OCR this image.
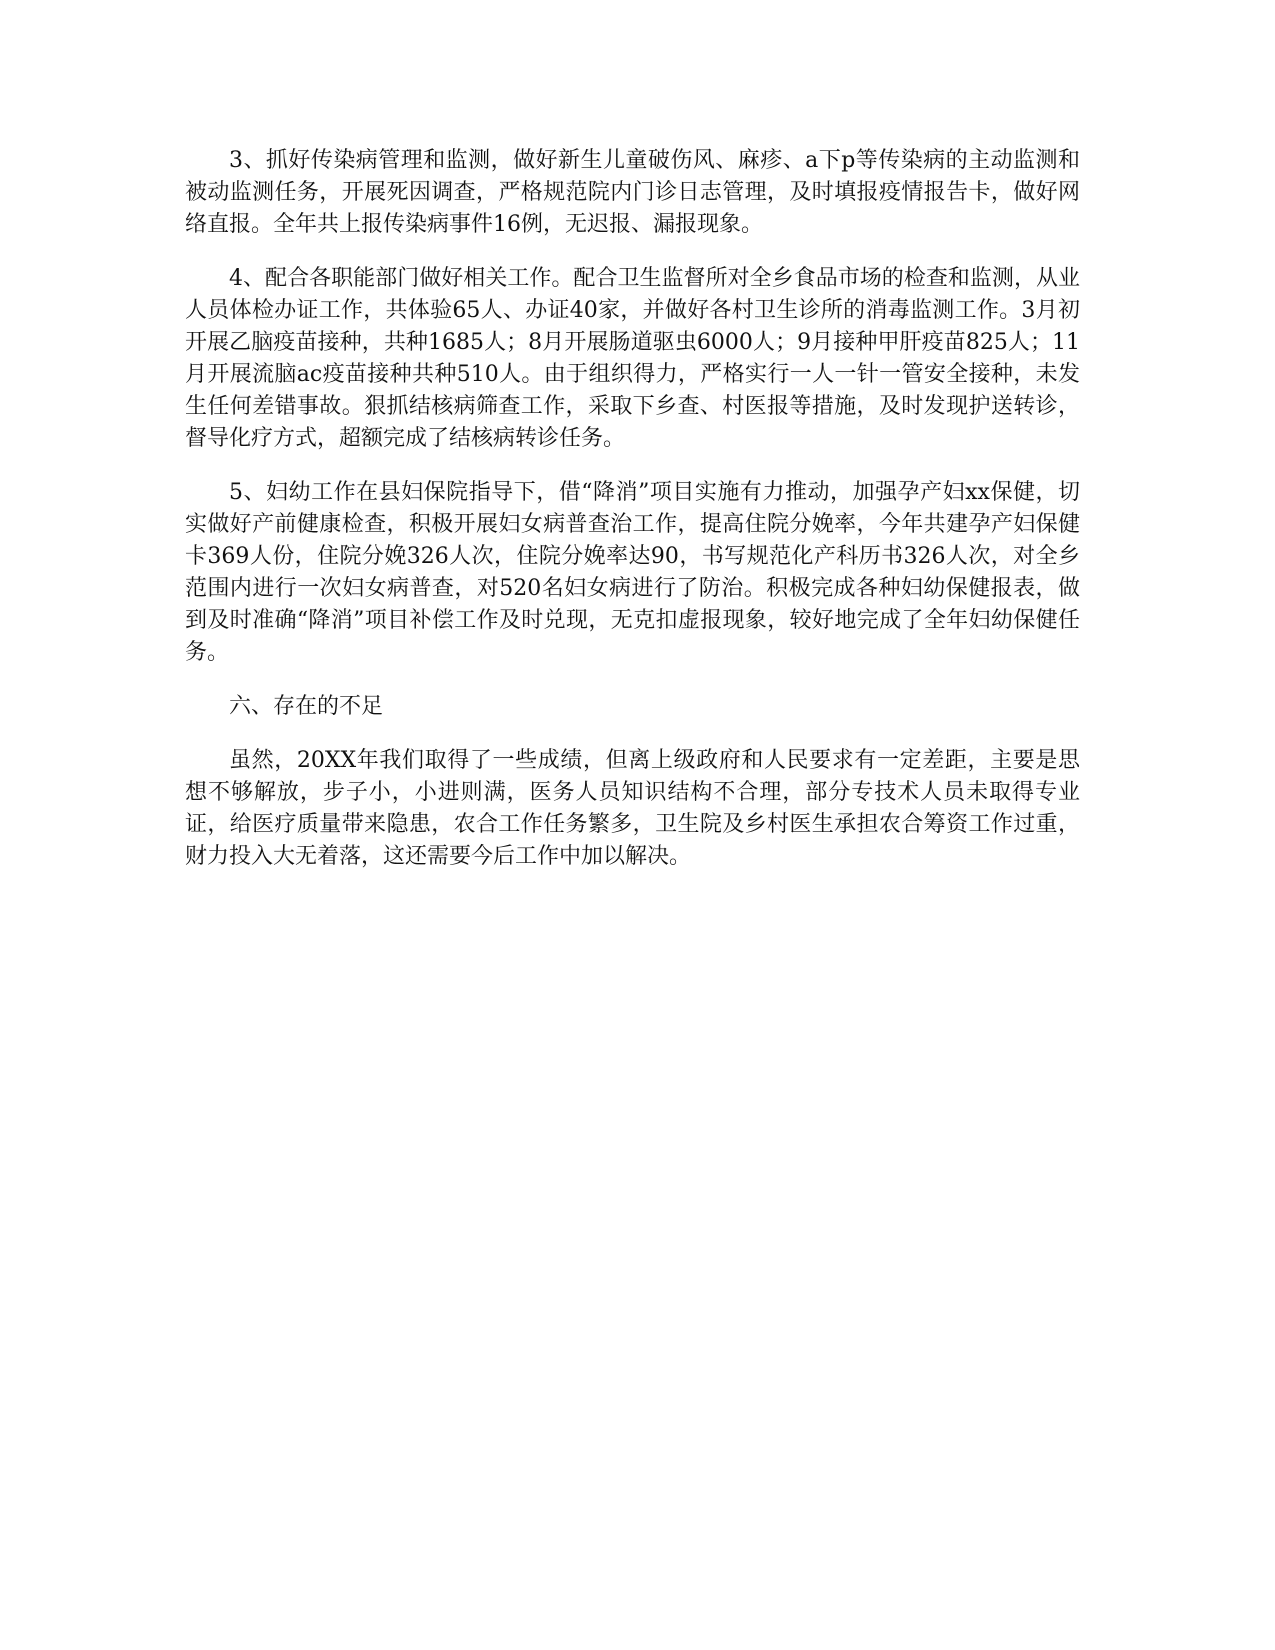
3、抓好传染病管理和监测，做好新生儿童破伤风、麻疹、a下p等传染病的主动监测和被动监测任务，开展死因调查，严格规范院内门诊日志管理，及时填报疫情报告卡，做好网络直报。全年共上报传染病事件16例，无迟报、漏报现象。

4、配合各职能部门做好相关工作。配合卫生监督所对全乡食品市场的检查和监测，从业人员体检办证工作，共体验65人、办证40家，并做好各村卫生诊所的消毒监测工作。3月初开展乙脑疫苗接种，共种1685人；8月开展肠道驱虫6000人；9月接种甲肝疫苗825人；11月开展流脑ac疫苗接种共种510人。由于组织得力，严格实行一人一针一管安全接种，未发生任何差错事故。狠抓结核病筛查工作，采取下乡查、村医报等措施，及时发现护送转诊，督导化疗方式，超额完成了结核病转诊任务。

5、妇幼工作在县妇保院指导下，借“降消”项目实施有力推动，加强孕产妇xx保健，切实做好产前健康检查，积极开展妇女病普查治工作，提高住院分娩率，今年共建孕产妇保健卡369人份，住院分娩326人次，住院分娩率达90，书写规范化产科历书326人次，对全乡范围内进行一次妇女病普查，对520名妇女病进行了防治。积极完成各种妇幼保健报表，做到及时准确“降消”项目补偿工作及时兑现，无克扣虚报现象，较好地完成了全年妇幼保健任务。

六、存在的不足

虽然，20XX年我们取得了一些成绩，但离上级政府和人民要求有一定差距，主要是思想不够解放，步子小，小进则满，医务人员知识结构不合理，部分专技术人员未取得专业证，给医疗质量带来隐患，农合工作任务繁多，卫生院及乡村医生承担农合筹资工作过重，财力投入大无着落，这还需要今后工作中加以解决。
